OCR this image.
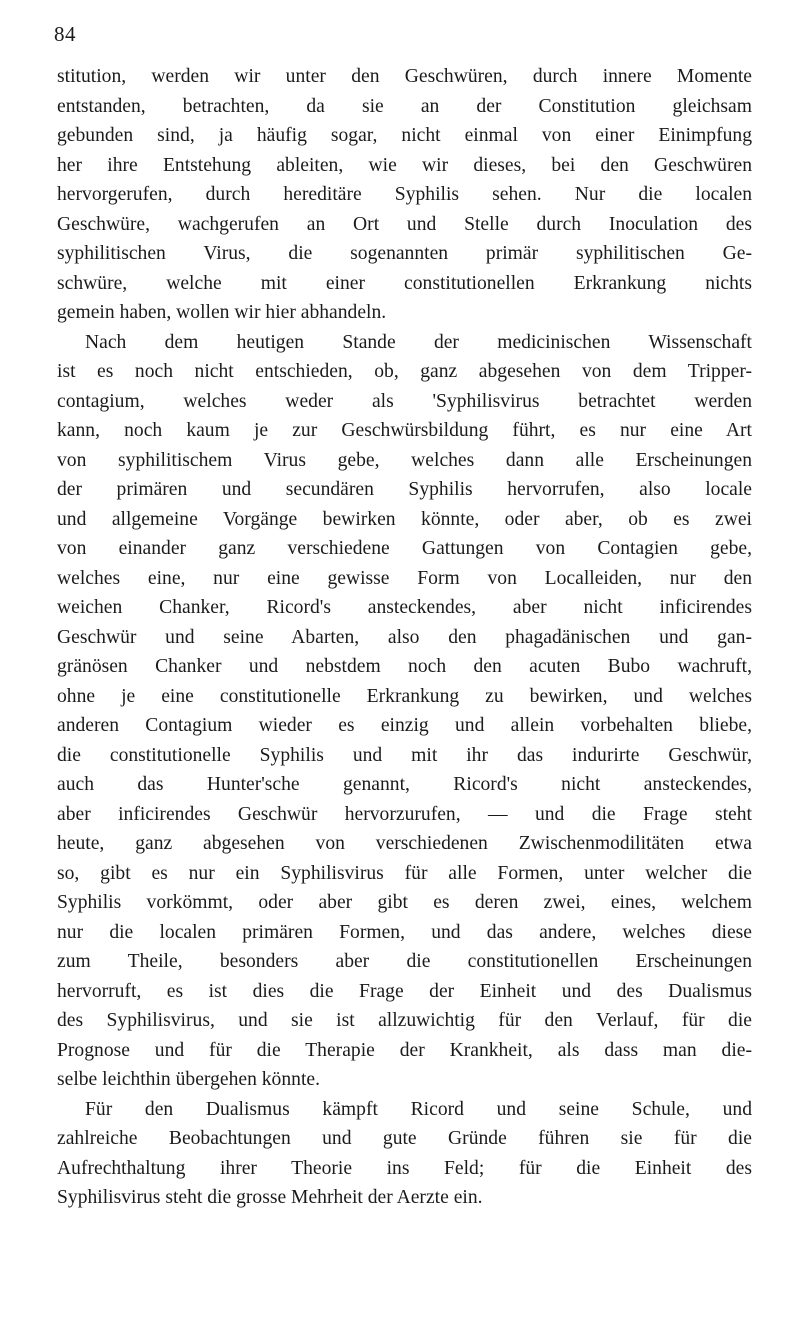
84
stitution, werden wir unter den Geschwüren, durch innere Momente
entstanden, betrachten, da sie an der Constitution gleichsam
gebunden sind, ja häufig sogar, nicht einmal von einer Einimpfung
her ihre Entstehung ableiten, wie wir dieses, bei den Geschwüren
hervorgerufen, durch hereditäre Syphilis sehen. Nur die localen
Geschwüre, wachgerufen an Ort und Stelle durch Inoculation des
syphilitischen Virus, die sogenannten primär syphilitischen Ge-
schwüre, welche mit einer constitutionellen Erkrankung nichts
gemein haben, wollen wir hier abhandeln.
Nach dem heutigen Stande der medicinischen Wissenschaft
ist es noch nicht entschieden, ob, ganz abgesehen von dem Tripper-
contagium, welches weder als 'Syphilisvirus betrachtet werden
kann, noch kaum je zur Geschwürsbildung führt, es nur eine Art
von syphilitischem Virus gebe, welches dann alle Erscheinungen
der primären und secundären Syphilis hervorrufen, also locale
und allgemeine Vorgänge bewirken könnte, oder aber, ob es zwei
von einander ganz verschiedene Gattungen von Contagien gebe,
welches eine, nur eine gewisse Form von Localleiden, nur den
weichen Chanker, Ricord's ansteckendes, aber nicht inficirendes
Geschwür und seine Abarten, also den phagadänischen und gan-
gränösen Chanker und nebstdem noch den acuten Bubo wachruft,
ohne je eine constitutionelle Erkrankung zu bewirken, und welches
anderen Contagium wieder es einzig und allein vorbehalten bliebe,
die constitutionelle Syphilis und mit ihr das indurirte Geschwür,
auch das Hunter'sche genannt, Ricord's nicht ansteckendes,
aber inficirendes Geschwür hervorzurufen, — und die Frage steht
heute, ganz abgesehen von verschiedenen Zwischenmodilitäten etwa
so, gibt es nur ein Syphilisvirus für alle Formen, unter welcher die
Syphilis vorkömmt, oder aber gibt es deren zwei, eines, welchem
nur die localen primären Formen, und das andere, welches diese
zum Theile, besonders aber die constitutionellen Erscheinungen
hervorruft, es ist dies die Frage der Einheit und des Dualismus
des Syphilisvirus, und sie ist allzuwichtig für den Verlauf, für die
Prognose und für die Therapie der Krankheit, als dass man die-
selbe leichthin übergehen könnte.
Für den Dualismus kämpft Ricord und seine Schule, und
zahlreiche Beobachtungen und gute Gründe führen sie für die
Aufrechthaltung ihrer Theorie ins Feld; für die Einheit des
Syphilisvirus steht die grosse Mehrheit der Aerzte ein.
